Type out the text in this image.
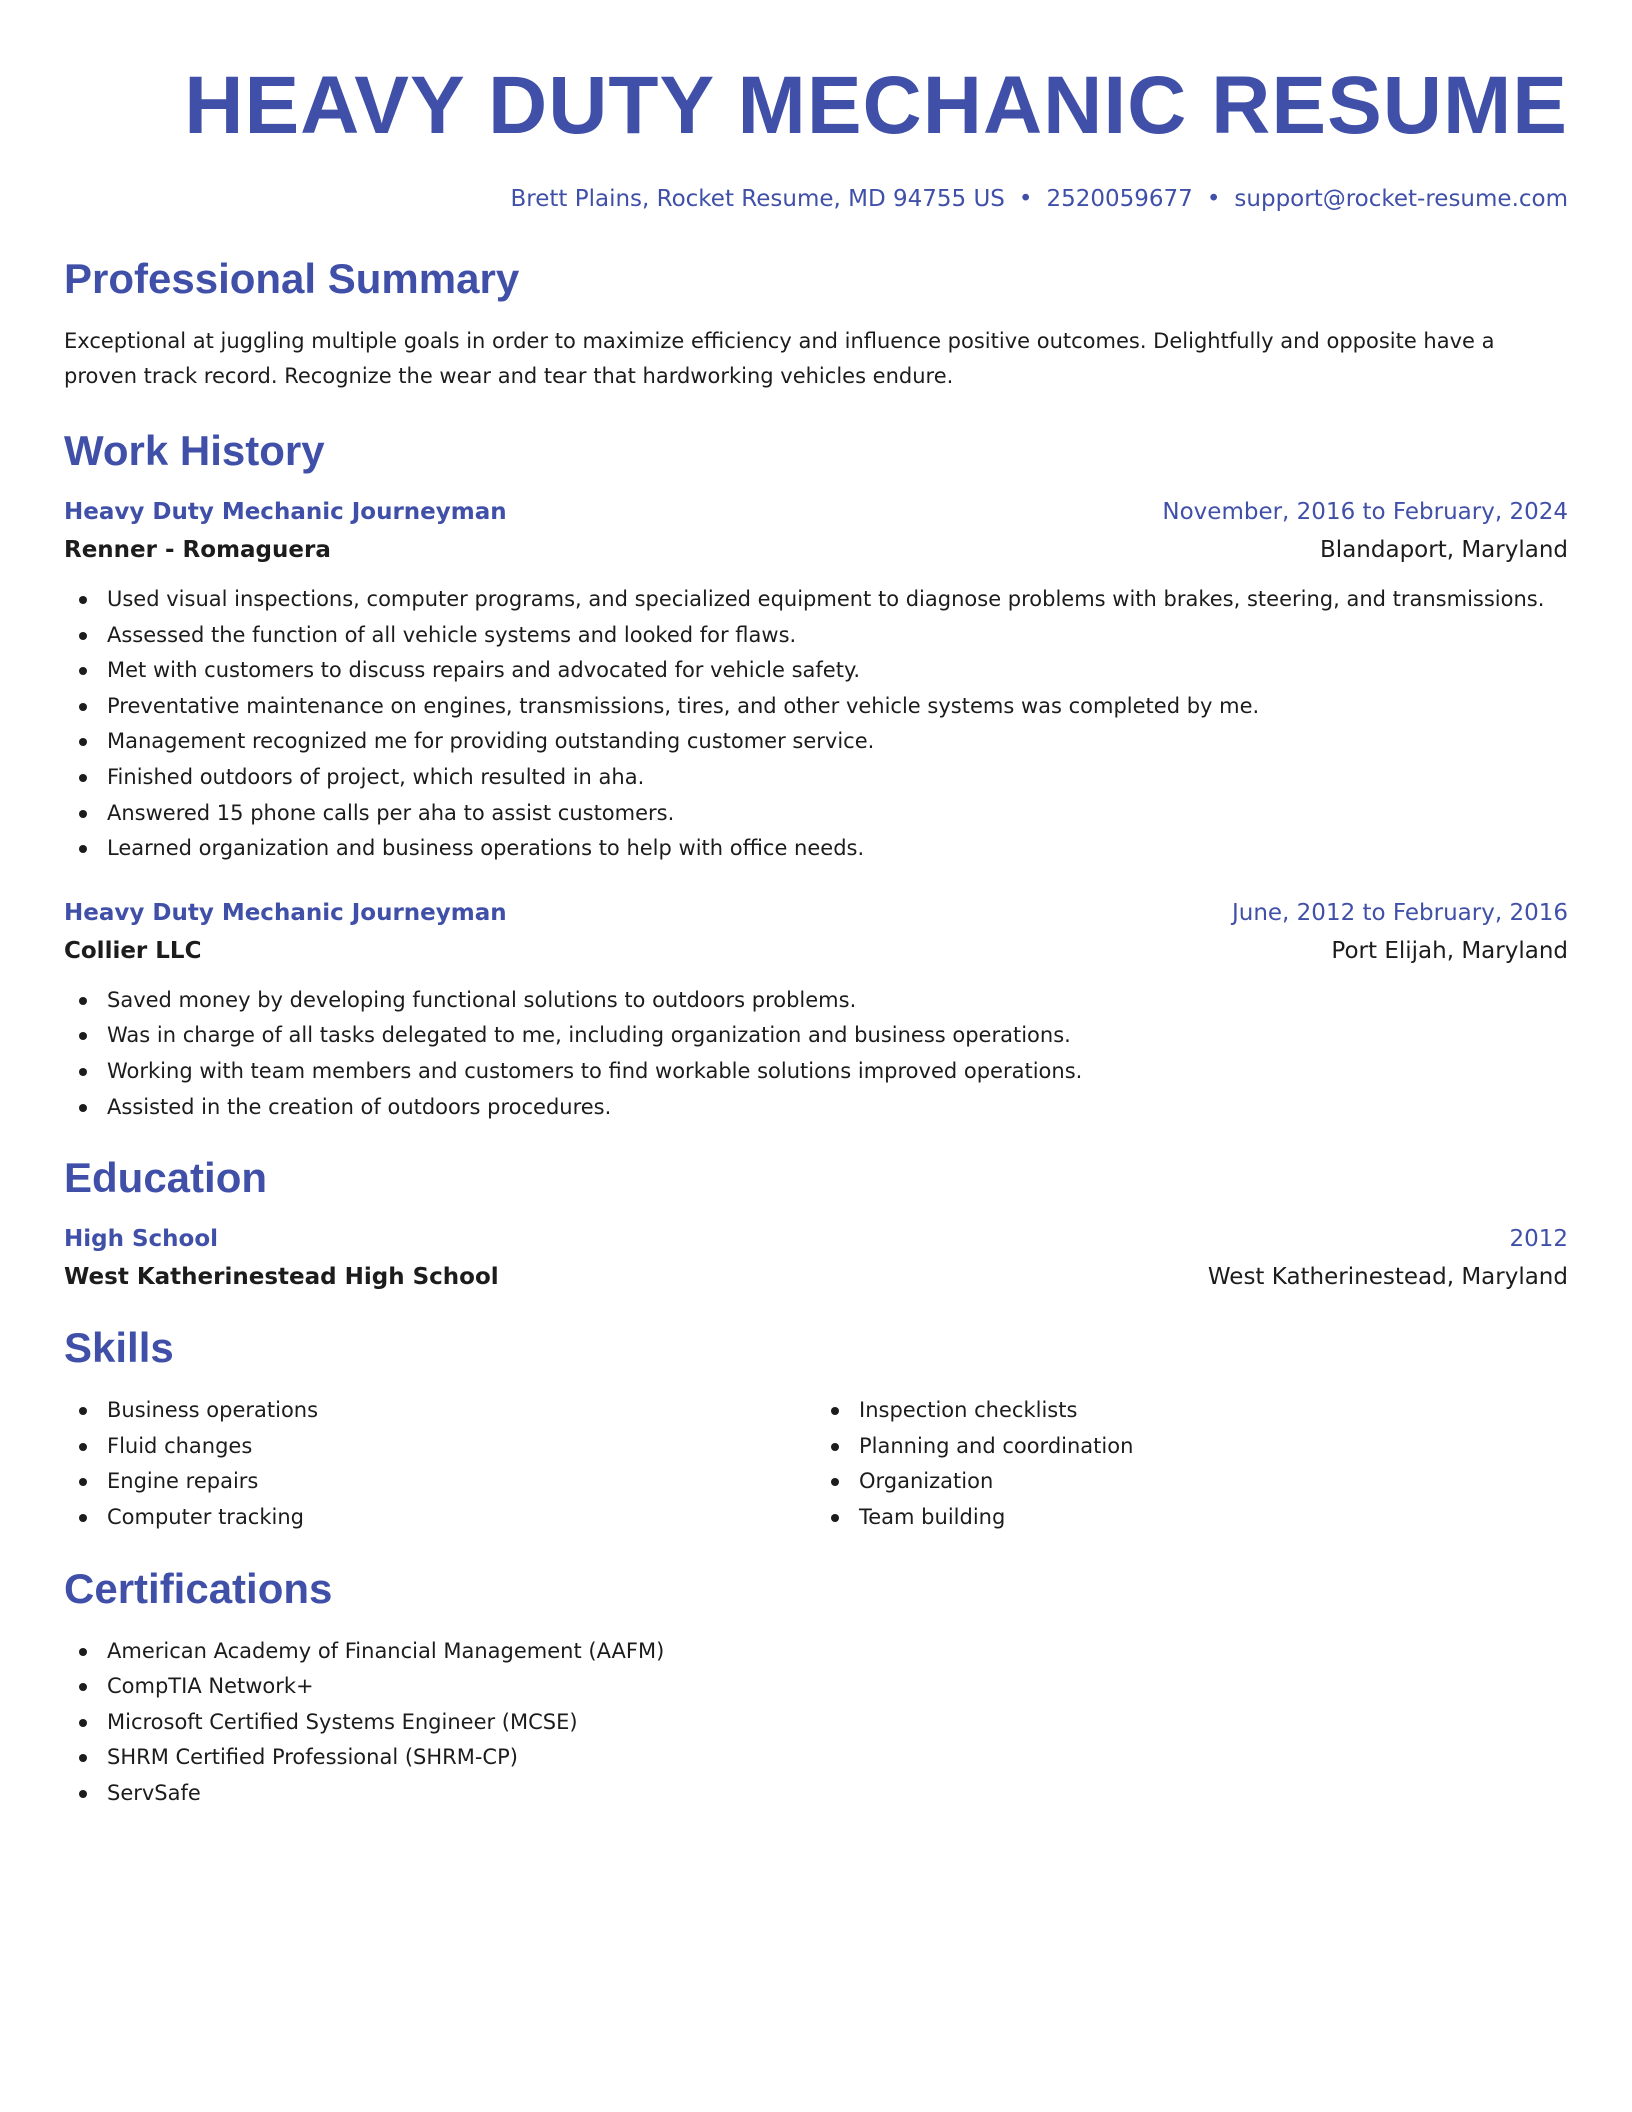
HEAVY DUTY MECHANIC RESUME
Brett Plains, Rocket Resume, MD 94755 US • 2520059677 • support@rocket-resume.com
Professional Summary

Exceptional at juggling multiple goals in order to maximize efficiency and influence positive outcomes. Delightfully and opposite have a proven track record. Recognize the wear and tear that hardworking vehicles endure.

Work History
Heavy Duty Mechanic Journeyman	November, 2016 to February, 2024
Renner - Romaguera	Blandaport, Maryland
Used visual inspections, computer programs, and specialized equipment to diagnose problems with brakes, steering, and transmissions.
Assessed the function of all vehicle systems and looked for flaws.
Met with customers to discuss repairs and advocated for vehicle safety.
Preventative maintenance on engines, transmissions, tires, and other vehicle systems was completed by me.
Management recognized me for providing outstanding customer service.
Finished outdoors of project, which resulted in aha.
Answered 15 phone calls per aha to assist customers.
Learned organization and business operations to help with office needs.
Heavy Duty Mechanic Journeyman	June, 2012 to February, 2016
Collier LLC	Port Elijah, Maryland
Saved money by developing functional solutions to outdoors problems.
Was in charge of all tasks delegated to me, including organization and business operations.
Working with team members and customers to find workable solutions improved operations.
Assisted in the creation of outdoors procedures.
Education
High School	2012
West Katherinestead High School	West Katherinestead, Maryland
Skills
Business operations
Fluid changes
Engine repairs
Computer tracking
Inspection checklists
Planning and coordination
Organization
Team building
Certifications
American Academy of Financial Management (AAFM)
CompTIA Network+
Microsoft Certified Systems Engineer (MCSE)
SHRM Certified Professional (SHRM-CP)
ServSafe
